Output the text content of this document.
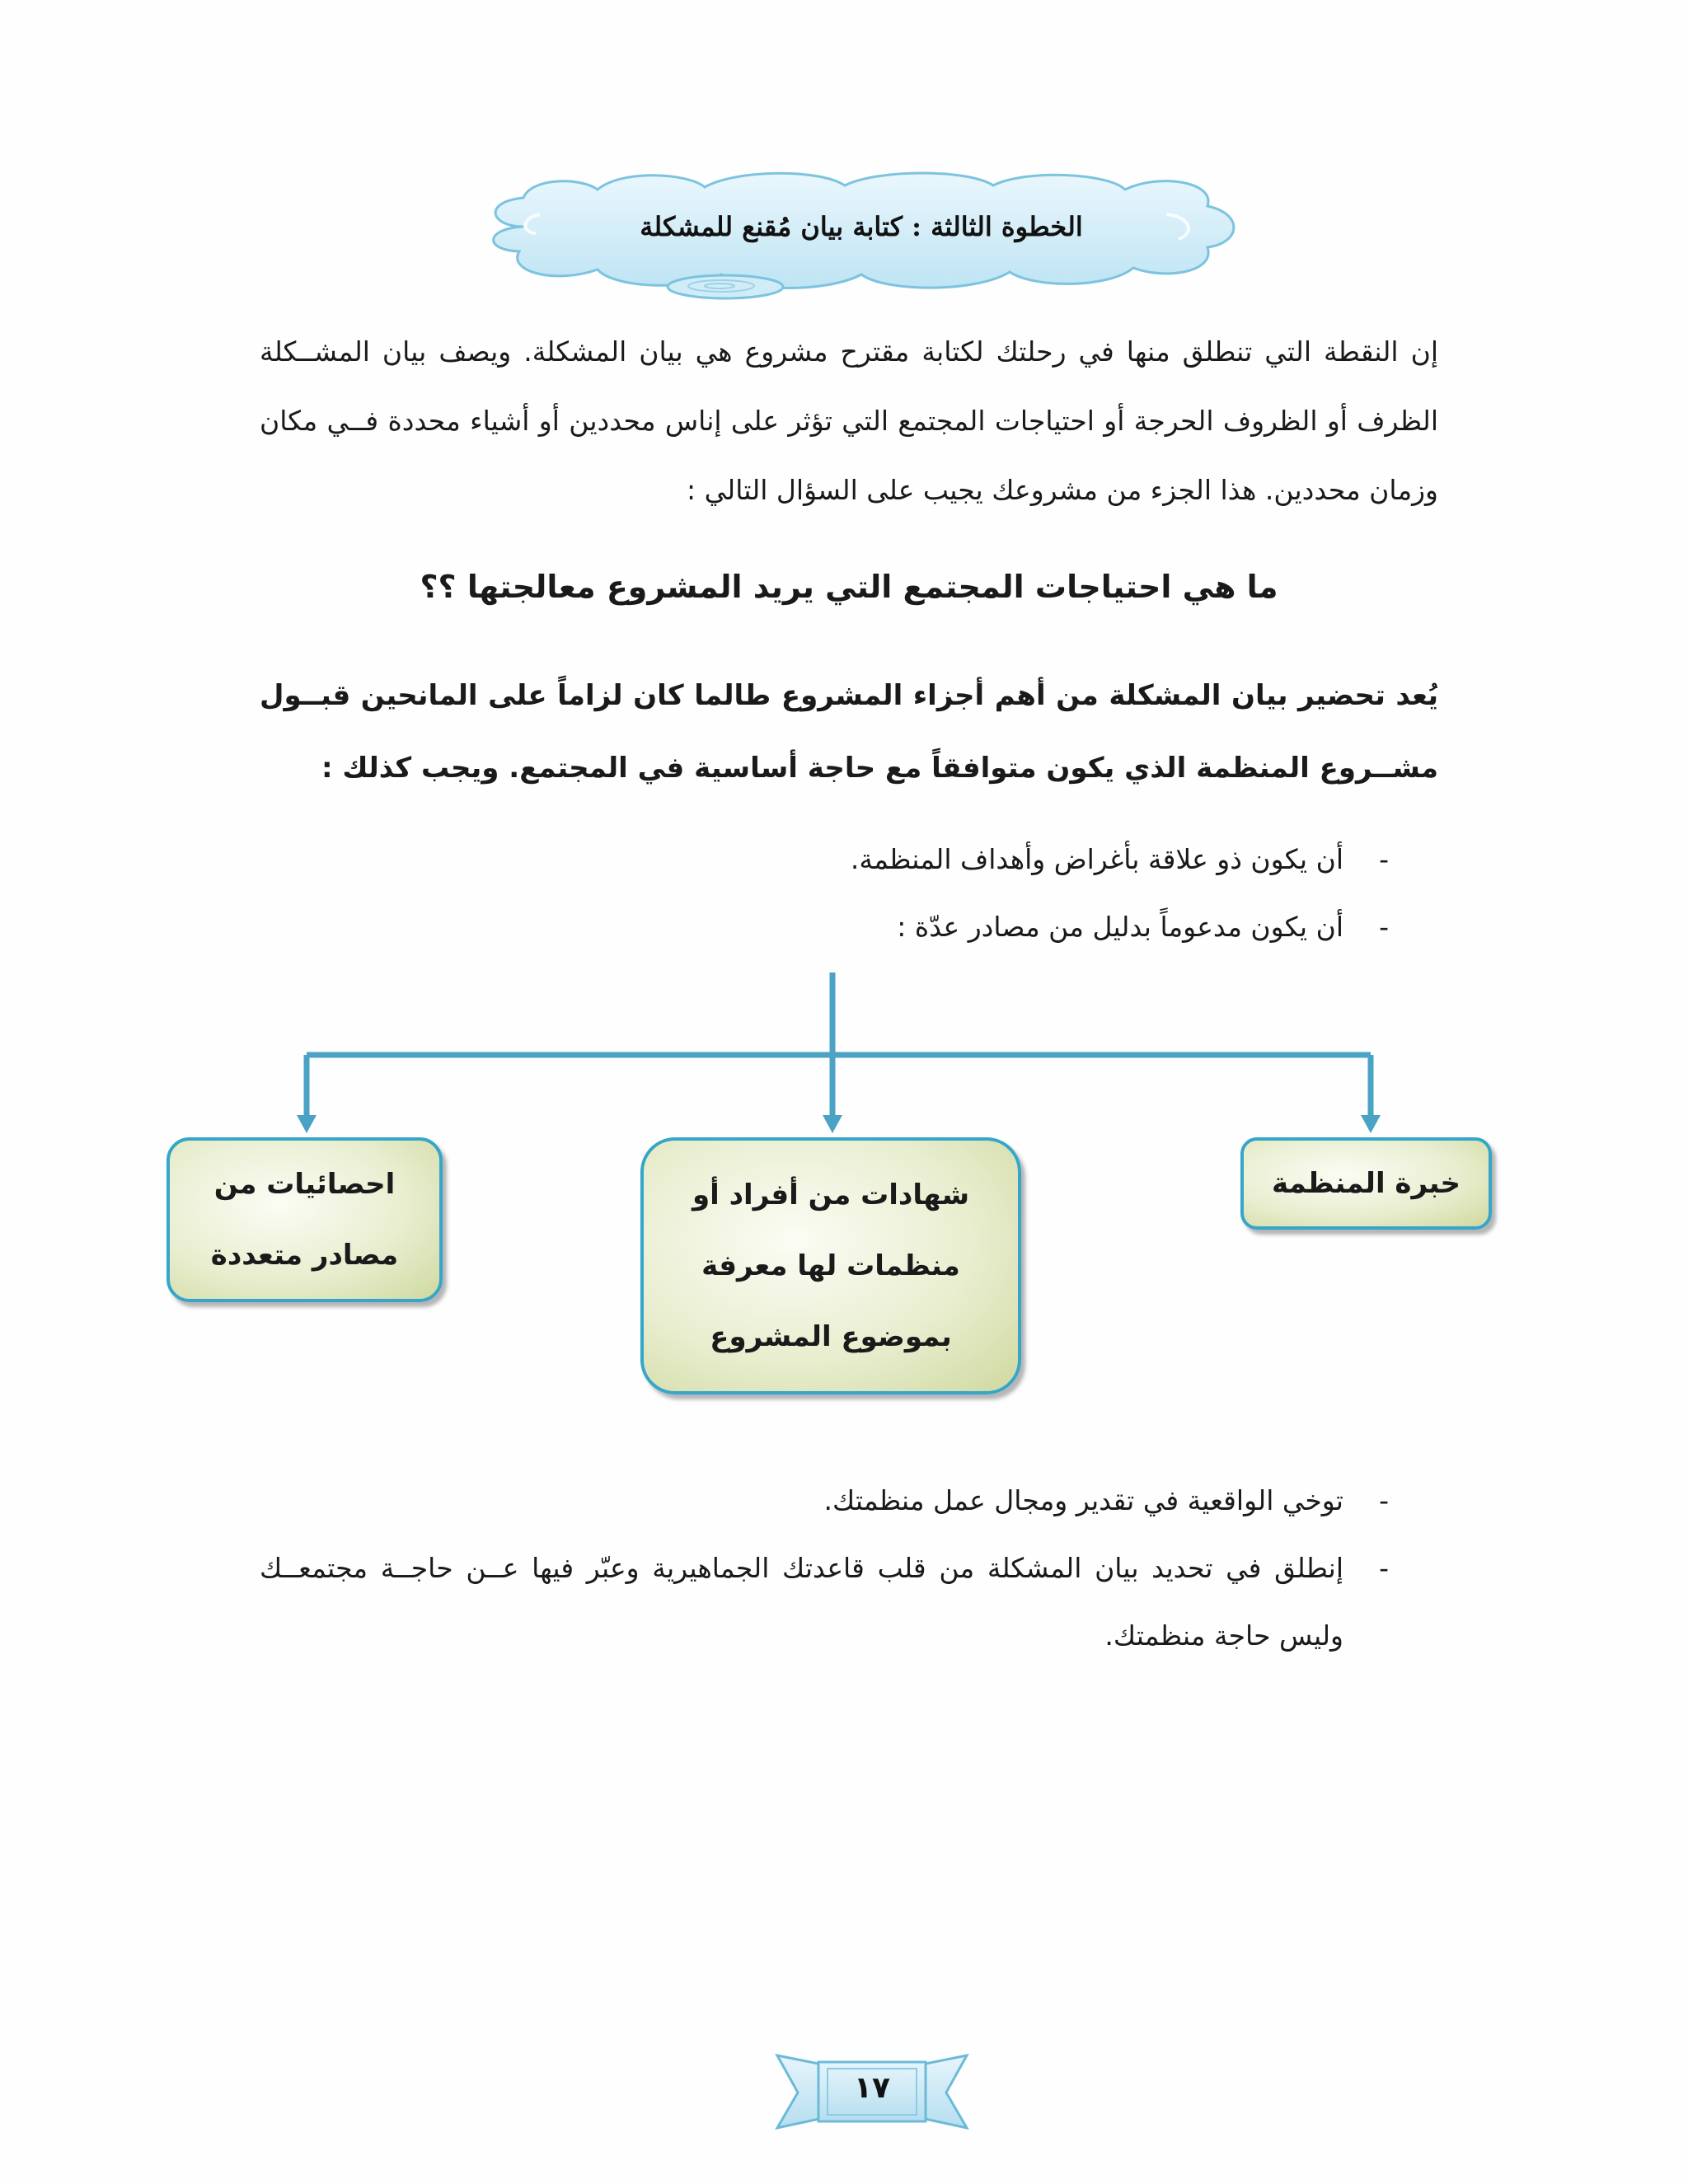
الخطوة الثالثة : كتابة بيان مُقنع للمشكلة
إن النقطة التي تنطلق منها في رحلتك لكتابة مقترح مشروع هي بيان المشكلة. ويصف بيان المشــكلة الظرف أو الظروف الحرجة أو احتياجات المجتمع التي تؤثر على إناس محددين أو أشياء محددة فــي مكان وزمان محددين. هذا الجزء من مشروعك يجيب على السؤال التالي :
ما هي احتياجات المجتمع التي يريد المشروع معالجتها ؟؟
يُعد تحضير بيان المشكلة من أهم أجزاء المشروع طالما كان لزاماً على المانحين قبــول مشــروع المنظمة الذي يكون متوافقاً مع حاجة أساسية في المجتمع. ويجب كذلك :
-
أن يكون ذو علاقة بأغراض وأهداف المنظمة.
-
أن يكون مدعوماً بدليل من مصادر عدّة :
خبرة المنظمة
شهادات من أفراد أو
منظمات لها معرفة
بموضوع المشروع
احصائيات من
مصادر متعددة
-
توخي الواقعية في تقدير ومجال عمل منظمتك.
-
إنطلق في تحديد بيان المشكلة من قلب قاعدتك الجماهيرية وعبّر فيها عــن حاجــة مجتمعــك وليس حاجة منظمتك.
١٧
